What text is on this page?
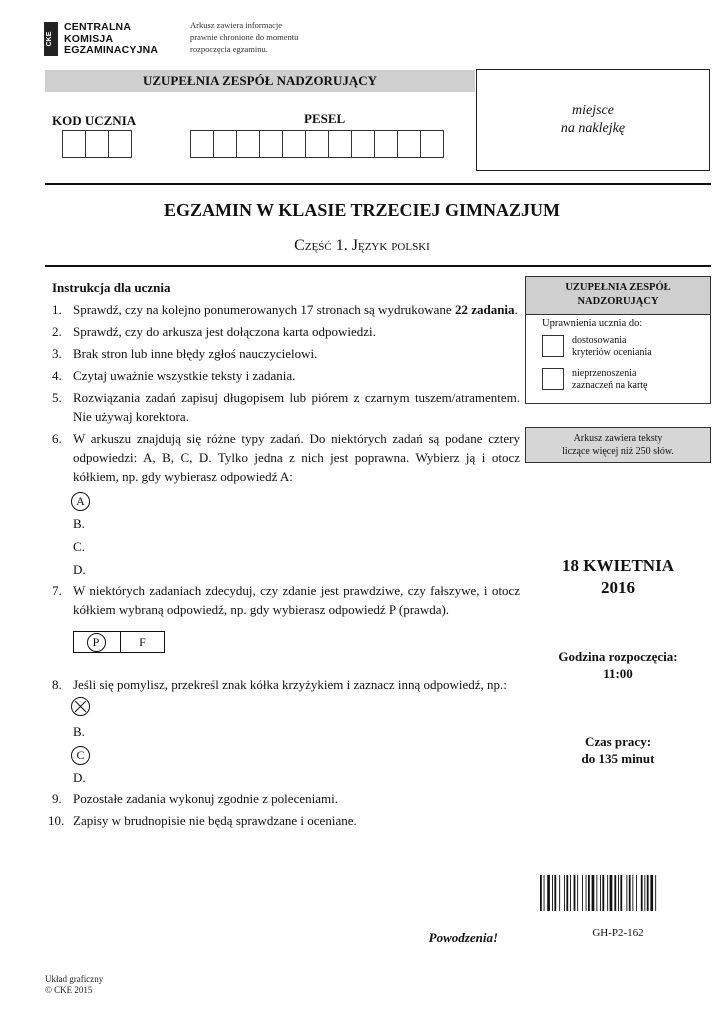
CKE
CENTRALNA
KOMISJA
EGZAMINACYJNA
Arkusz zawiera informacje
prawnie chronione do momentu
rozpoczęcia egzaminu.
UZUPEŁNIA ZESPÓŁ NADZORUJĄCY
miejsce
na naklejkę
KOD UCZNIA	PESEL
EGZAMIN W KLASIE TRZECIEJ GIMNAZJUM
Część 1. Język polski
Instrukcja dla ucznia
1. Sprawdź, czy na kolejno ponumerowanych 17 stronach są wydrukowane 22 zadania.
2. Sprawdź, czy do arkusza jest dołączona karta odpowiedzi.
3. Brak stron lub inne błędy zgłoś nauczycielowi.
4. Czytaj uważnie wszystkie teksty i zadania.
5. Rozwiązania zadań zapisuj długopisem lub piórem z czarnym tuszem/atramentem. Nie używaj korektora.
6. W arkuszu znajdują się różne typy zadań. Do niektórych zadań są podane cztery odpowiedzi: A, B, C, D. Tylko jedna z nich jest poprawna. Wybierz ją i otocz kółkiem, np. gdy wybierasz odpowiedź A:
A
B.
C.
D.
7. W niektórych zadaniach zdecyduj, czy zdanie jest prawdziwe, czy fałszywe, i otocz kółkiem wybraną odpowiedź, np. gdy wybierasz odpowiedź P (prawda).
P	F
8. Jeśli się pomylisz, przekreśl znak kółka krzyżykiem i zaznacz inną odpowiedź, np.:
B.
C
D.
9. Pozostałe zadania wykonuj zgodnie z poleceniami.
10. Zapisy w brudnopisie nie będą sprawdzane i oceniane.
Powodzenia!
UZUPEŁNIA ZESPÓŁ
NADZORUJĄCY
Uprawnienia ucznia do:
dostosowania
kryteriów oceniania
nieprzenoszenia
zaznaczeń na kartę
Arkusz zawiera teksty
liczące więcej niż 250 słów.
18 KWIETNIA
2016
Godzina rozpoczęcia:
11:00
Czas pracy:
do 135 minut
GH-P2-162
Układ graficzny
© CKE 2015
